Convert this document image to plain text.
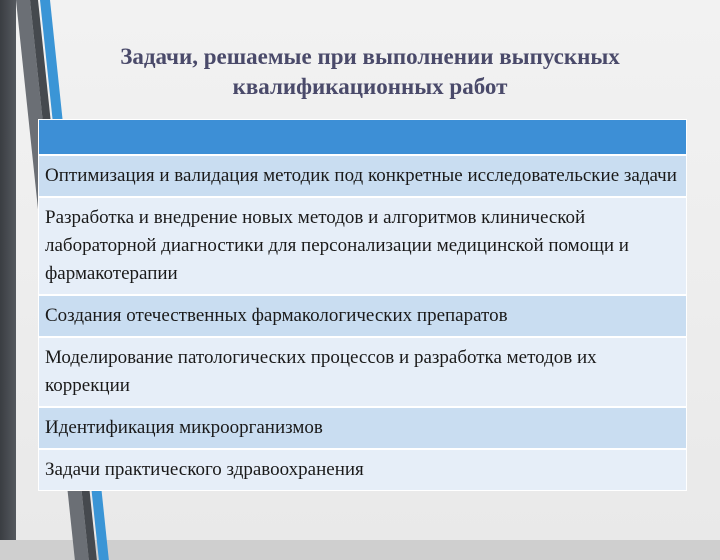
Задачи, решаемые при выполнении выпускных
квалификационных работ
Оптимизация и валидация методик под конкретные исследовательские задачи
Разработка и внедрение новых методов и алгоритмов клинической лабораторной диагностики для персонализации медицинской помощи и фармакотерапии
Создания отечественных фармакологических препаратов
Моделирование патологических процессов и разработка методов их коррекции
Идентификация микроорганизмов
Задачи практического здравоохранения
